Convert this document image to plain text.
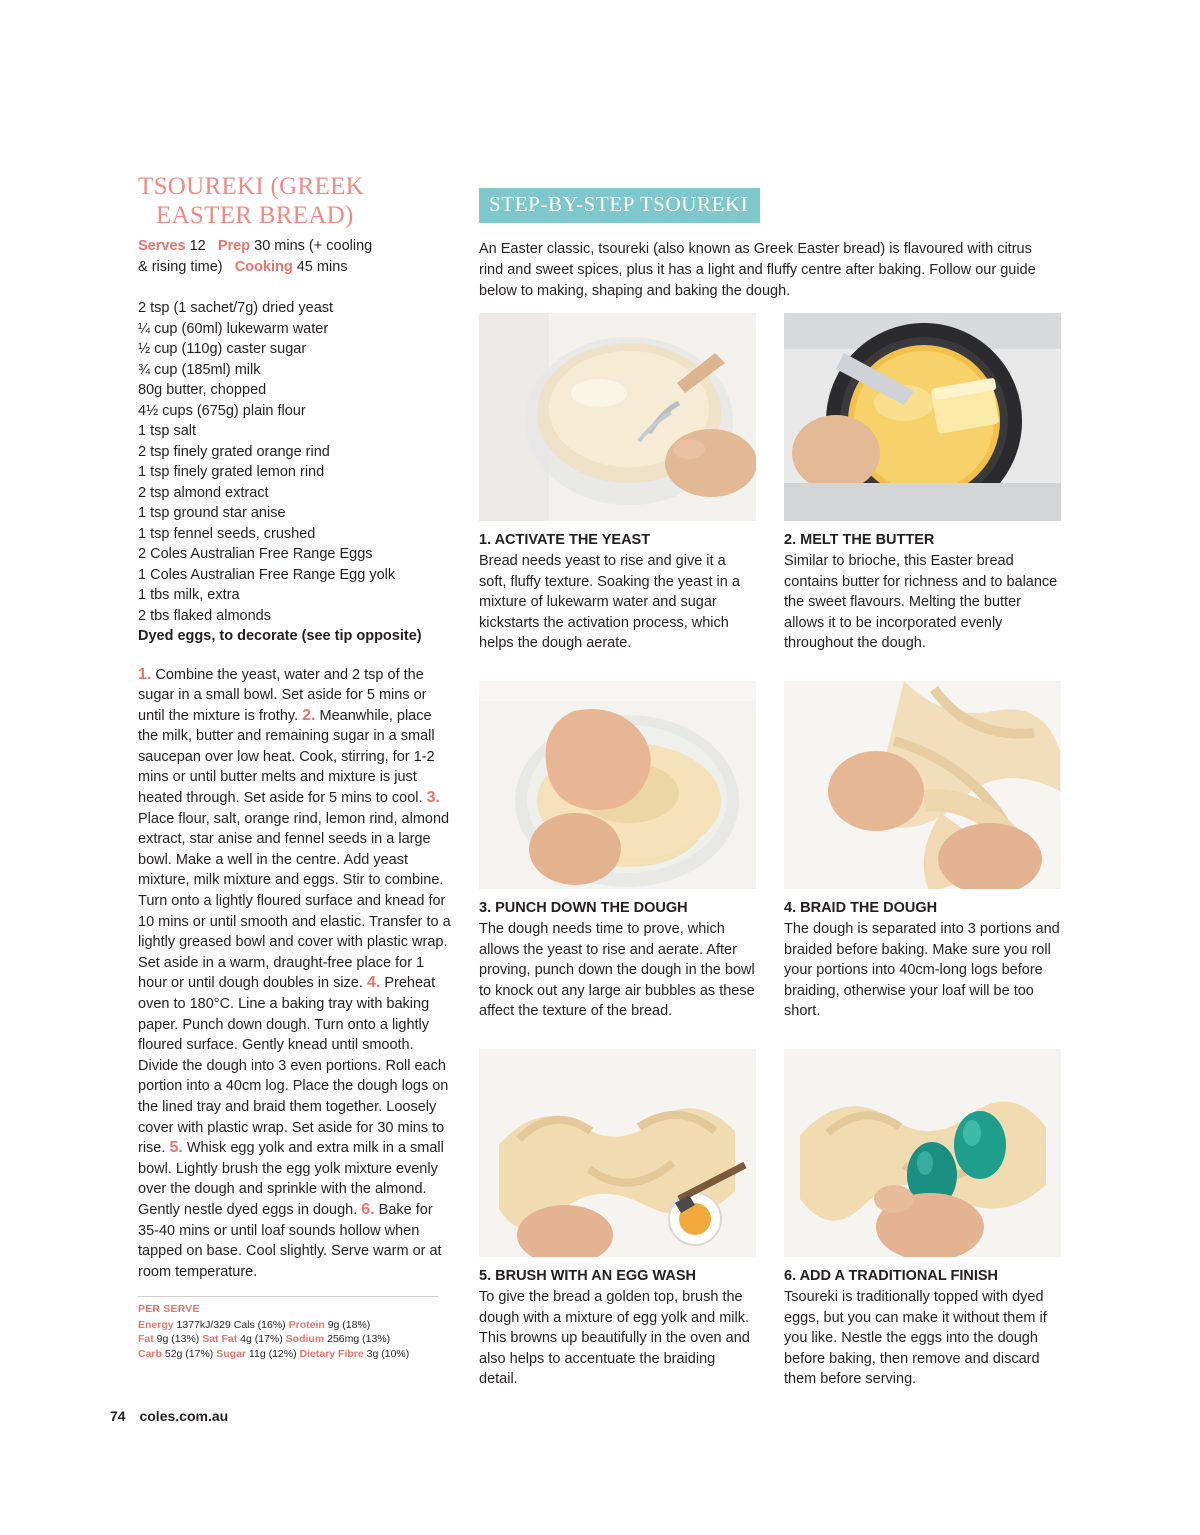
TSOUREKI (GREEK
EASTER BREAD)
Serves 12 Prep 30 mins (+ cooling
& rising time) Cooking 45 mins
2 tsp (1 sachet/7g) dried yeast
¼ cup (60ml) lukewarm water
½ cup (110g) caster sugar
¾ cup (185ml) milk
80g butter, chopped
4½ cups (675g) plain flour
1 tsp salt
2 tsp finely grated orange rind
1 tsp finely grated lemon rind
2 tsp almond extract
1 tsp ground star anise
1 tsp fennel seeds, crushed
2 Coles Australian Free Range Eggs
1 Coles Australian Free Range Egg yolk
1 tbs milk, extra
2 tbs flaked almonds
Dyed eggs, to decorate (see tip opposite)
1. Combine the yeast, water and 2 tsp of the sugar in a small bowl. Set aside for 5 mins or until the mixture is frothy. 2. Meanwhile, place the milk, butter and remaining sugar in a small saucepan over low heat. Cook, stirring, for 1-2 mins or until butter melts and mixture is just heated through. Set aside for 5 mins to cool. 3. Place flour, salt, orange rind, lemon rind, almond extract, star anise and fennel seeds in a large bowl. Make a well in the centre. Add yeast mixture, milk mixture and eggs. Stir to combine. Turn onto a lightly floured surface and knead for 10 mins or until smooth and elastic. Transfer to a lightly greased bowl and cover with plastic wrap. Set aside in a warm, draught-free place for 1 hour or until dough doubles in size. 4. Preheat oven to 180°C. Line a baking tray with baking paper. Punch down dough. Turn onto a lightly floured surface. Gently knead until smooth. Divide the dough into 3 even portions. Roll each portion into a 40cm log. Place the dough logs on the lined tray and braid them together. Loosely cover with plastic wrap. Set aside for 30 mins to rise. 5. Whisk egg yolk and extra milk in a small bowl. Lightly brush the egg yolk mixture evenly over the dough and sprinkle with the almond. Gently nestle dyed eggs in dough. 6. Bake for 35-40 mins or until loaf sounds hollow when tapped on base. Cool slightly. Serve warm or at room temperature.
PER SERVE
Energy 1377kJ/329 Cals (16%) Protein 9g (18%)
Fat 9g (13%) Sat Fat 4g (17%) Sodium 256mg (13%)
Carb 52g (17%) Sugar 11g (12%) Dietary Fibre 3g (10%)
STEP-BY-STEP TSOUREKI
An Easter classic, tsoureki (also known as Greek Easter bread) is flavoured with citrus rind and sweet spices, plus it has a light and fluffy centre after baking. Follow our guide below to making, shaping and baking the dough.
1. ACTIVATE THE YEAST
Bread needs yeast to rise and give it a soft, fluffy texture. Soaking the yeast in a mixture of lukewarm water and sugar kickstarts the activation process, which helps the dough aerate.
2. MELT THE BUTTER
Similar to brioche, this Easter bread contains butter for richness and to balance the sweet flavours. Melting the butter allows it to be incorporated evenly throughout the dough.
3. PUNCH DOWN THE DOUGH
The dough needs time to prove, which allows the yeast to rise and aerate. After proving, punch down the dough in the bowl to knock out any large air bubbles as these affect the texture of the bread.
4. BRAID THE DOUGH
The dough is separated into 3 portions and braided before baking. Make sure you roll your portions into 40cm-long logs before braiding, otherwise your loaf will be too short.
5. BRUSH WITH AN EGG WASH
To give the bread a golden top, brush the dough with a mixture of egg yolk and milk. This browns up beautifully in the oven and also helps to accentuate the braiding detail.
6. ADD A TRADITIONAL FINISH
Tsoureki is traditionally topped with dyed eggs, but you can make it without them if you like. Nestle the eggs into the dough before baking, then remove and discard them before serving.
74 coles.com.au
